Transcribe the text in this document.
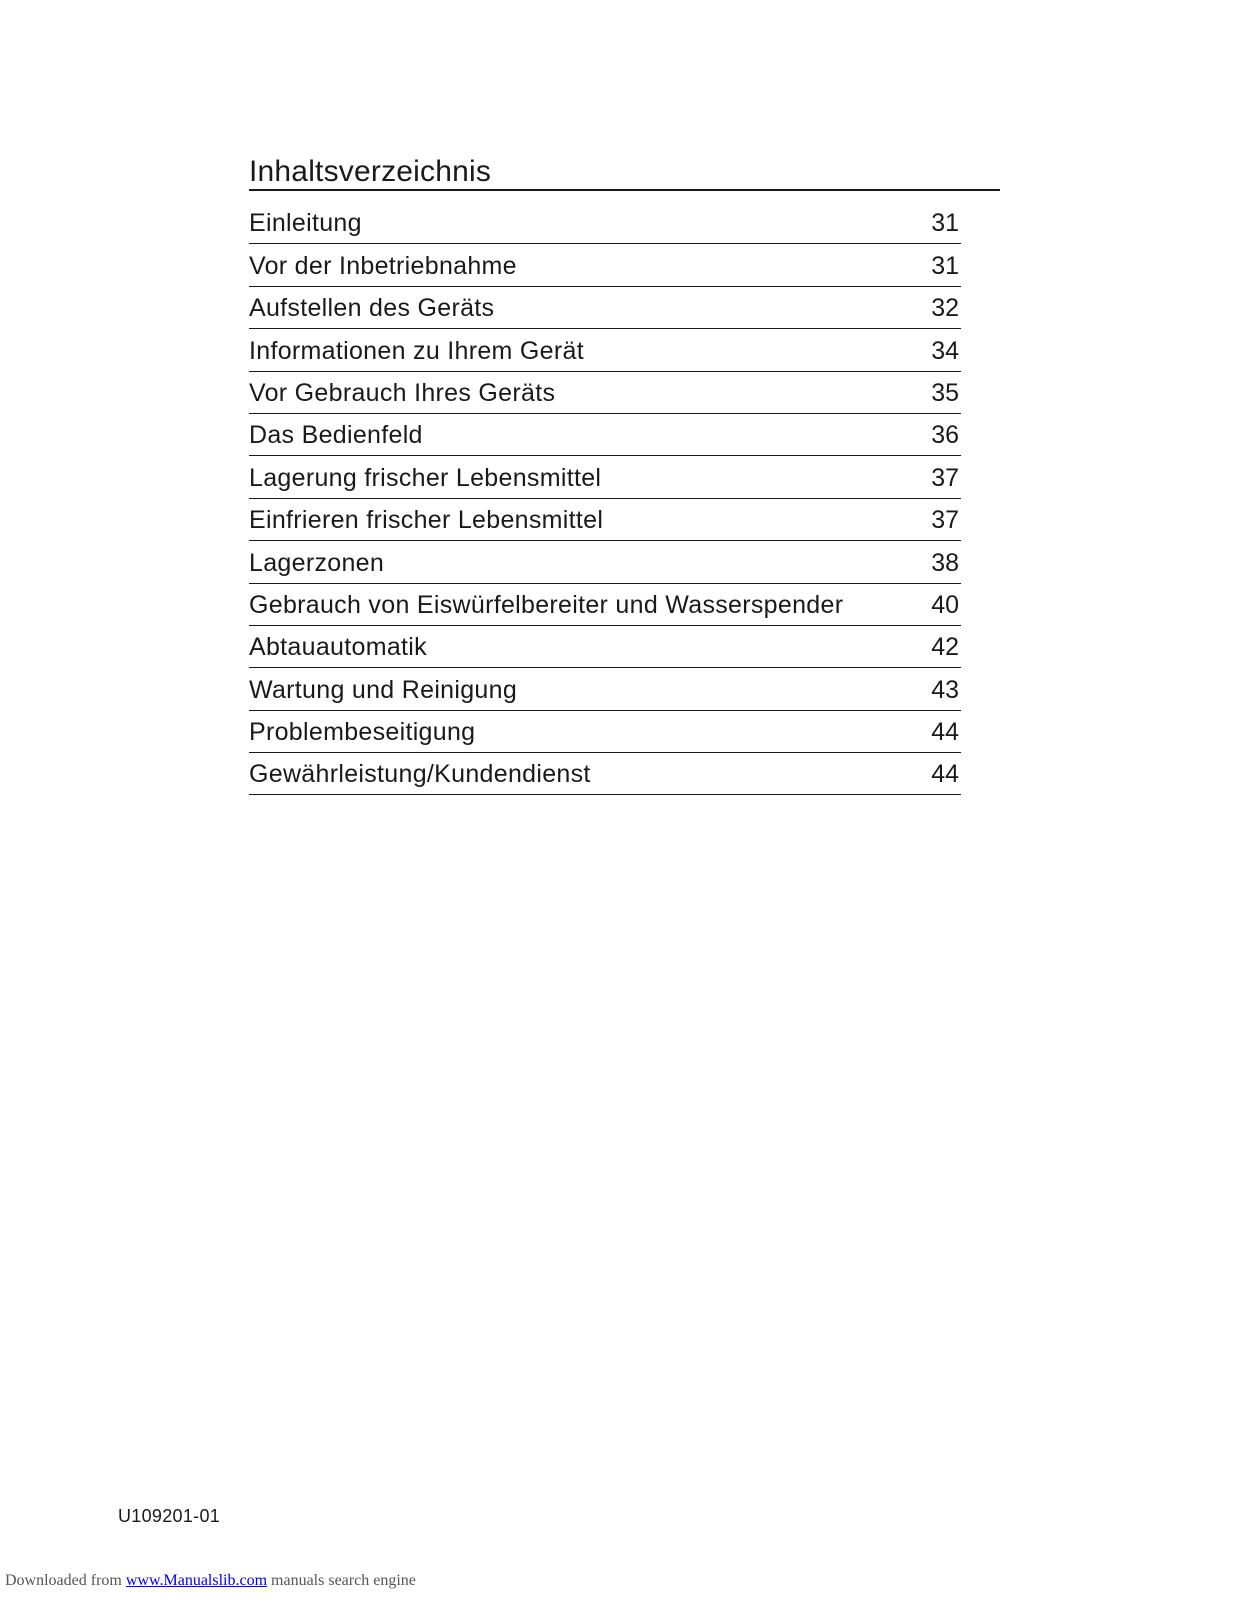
Inhaltsverzeichnis
Einleitung	31
Vor der Inbetriebnahme	31
Aufstellen des Geräts	32
Informationen zu Ihrem Gerät	34
Vor Gebrauch Ihres Geräts	35
Das Bedienfeld	36
Lagerung frischer Lebensmittel	37
Einfrieren frischer Lebensmittel	37
Lagerzonen	38
Gebrauch von Eiswürfelbereiter und Wasserspender	40
Abtauautomatik	42
Wartung und Reinigung	43
Problembeseitigung	44
Gewährleistung/Kundendienst	44
U109201-01
Downloaded from www.Manualslib.com manuals search engine
